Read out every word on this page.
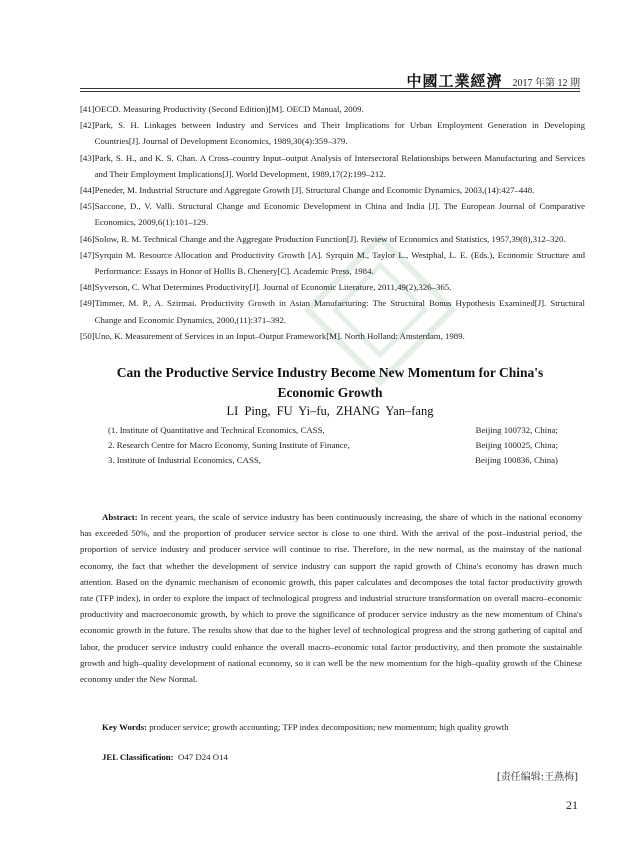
中國工業經濟 2017 年第 12 期
[41] OECD. Measuring Productivity (Second Edition)[M]. OECD Manual, 2009.
[42] Park, S. H. Linkages between Industry and Services and Their Implications for Urban Employment Generation in Developing Countries[J]. Journal of Development Economics, 1989,30(4):359–379.
[43] Park, S. H., and K. S. Chan. A Cross–country Input–output Analysis of Intersectoral Relationships between Manufacturing and Services and Their Employment Implications[J]. World Development, 1989,17(2):199–212.
[44] Peneder, M. Industrial Structure and Aggregate Growth [J]. Structural Change and Economic Dynamics, 2003,(14):427–448.
[45] Saccone, D., V. Valli. Structural Change and Economic Development in China and India [J]. The European Journal of Comparative Economics, 2009,6(1):101–129.
[46] Solow, R. M. Technical Change and the Aggregate Production Function[J]. Review of Economics and Statistics, 1957,39(8),312–320.
[47] Syrquin M. Resource Allocation and Productivity Growth [A]. Syrquin M., Taylor L., Westphal, L. E. (Eds.), Economic Structure and Performance: Essays in Honor of Hollis B. Chenery[C]. Academic Press, 1984.
[48] Syverson, C. What Determines Productivity[J]. Journal of Economic Literature, 2011,49(2),326–365.
[49] Timmer, M. P., A. Szirmai. Productivity Growth in Asian Manufacturing: The Structural Bonus Hypothesis Examined[J]. Structural Change and Economic Dynamics, 2000,(11):371–392.
[50] Uno, K. Measurement of Services in an Input–Output Framework[M]. North Holland: Amsterdam, 1989.
Can the Productive Service Industry Become New Momentum for China's
Economic Growth
LI Ping, FU Yi–fu, ZHANG Yan–fang
(1. Institute of Quantitative and Technical Economics, CASS,	Beijing 100732, China;
2. Research Centre for Macro Economy, Suning Institute of Finance,	Beijing 100025, China;
3. Institute of Industrial Economics, CASS,	Beijing 100836, China)
Abstract: In recent years, the scale of service industry has been continuously increasing, the share of which in the national economy has exceeded 50%, and the proportion of producer service sector is close to one third. With the arrival of the post–industrial period, the proportion of service industry and producer service will continue to rise. Therefore, in the new normal, as the mainstay of the national economy, the fact that whether the development of service industry can support the rapid growth of China's economy has drawn much attention. Based on the dynamic mechanism of economic growth, this paper calculates and decomposes the total factor productivity growth rate (TFP index), in order to explore the impact of technological progress and industrial structure transformation on overall macro–economic productivity and macroeconomic growth, by which to prove the significance of producer service industry as the new momentum of China's economic growth in the future. The results show that due to the higher level of technological progress and the strong gathering of capital and labor, the producer service industry could enhance the overall macro–economic total factor productivity, and then promote the sustainable growth and high–quality development of national economy, so it can well be the new momentum for the high–quality growth of the Chinese economy under the New Normal.
Key Words: producer service; growth accounting; TFP index decomposition; new momentum; high quality growth
JEL Classification: O47 D24 O14
[责任编辑:王燕梅]
21
